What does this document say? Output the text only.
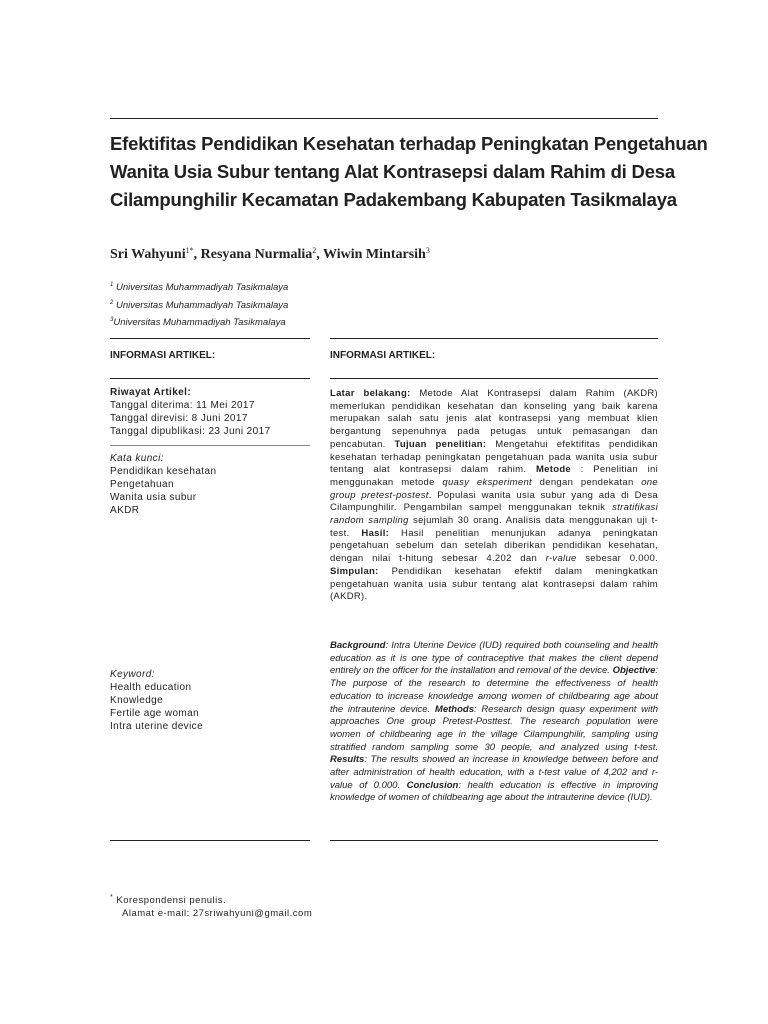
Efektifitas Pendidikan Kesehatan terhadap Peningkatan Pengetahuan
Wanita Usia Subur tentang Alat Kontrasepsi dalam Rahim di Desa
Cilampunghilir Kecamatan Padakembang Kabupaten Tasikmalaya
Sri Wahyuni$^{1*}$, Resyana Nurmalia$^2$, Wiwin Mintarsih$^3$
$^1$ Universitas Muhammadiyah Tasikmalaya
$^2$ Universitas Muhammadiyah Tasikmalaya
$^3$Universitas Muhammadiyah Tasikmalaya
INFORMASI ARTIKEL:	INFORMASI ARTIKEL:
Riwayat Artikel:
Tanggal diterima: 11 Mei 2017
Tanggal direvisi: 8 Juni 2017
Tanggal dipublikasi: 23 Juni 2017
Kata kunci:
Pendidikan kesehatan
Pengetahuan
Wanita usia subur
AKDR
Keyword:
Health education
Knowledge
Fertile age woman
Intra uterine device

Latar belakang: Metode Alat Kontrasepsi dalam Rahim (AKDR) memerlukan pendidikan kesehatan dan konseling yang baik karena merupakan salah satu jenis alat kontrasepsi yang membuat klien bergantung sepenuhnya pada petugas untuk pemasangan dan pencabutan. Tujuan penelitian: Mengetahui efektifitas pendidikan kesehatan terhadap peningkatan pengetahuan pada wanita usia subur tentang alat kontrasepsi dalam rahim. Metode : Penelitian ini menggunakan metode quasy eksperiment dengan pendekatan one group pretest-postest. Populasi wanita usia subur yang ada di Desa Cilampunghilir. Pengambilan sampel menggunakan teknik stratifikasi random sampling sejumlah 30 orang. Analisis data menggunakan uji t-test. Hasil: Hasil penelitian menunjukan adanya peningkatan pengetahuan sebelum dan setelah diberikan pendidikan kesehatan, dengan nilai t-hitung sebesar 4.202 dan r-value sebesar 0.000. Simpulan: Pendidikan kesehatan efektif dalam meningkatkan pengetahuan wanita usia subur tentang alat kontrasepsi dalam rahim (AKDR).

Background: Intra Uterine Device (IUD) required both counseling and health education as it is one type of contraceptive that makes the client depend entirely on the officer for the installation and removal of the device. Objective: The purpose of the research to determine the effectiveness of health education to increase knowledge among women of childbearing age about the intrauterine device. Methods: Research design quasy experiment with approaches One group Pretest-Posttest. The research population were women of childbearing age in the village Cilampunghilir, sampling using stratified random sampling some 30 people, and analyzed using t-test. Results: The results showed an increase in knowledge between before and after administration of health education, with a t-test value of 4,202 and r-value of 0.000. Conclusion: health education is effective in improving knowledge of women of childbearing age about the intrauterine device (IUD).

* Korespondensi penulis.
Alamat e-mail: 27sriwahyuni@gmail.com
